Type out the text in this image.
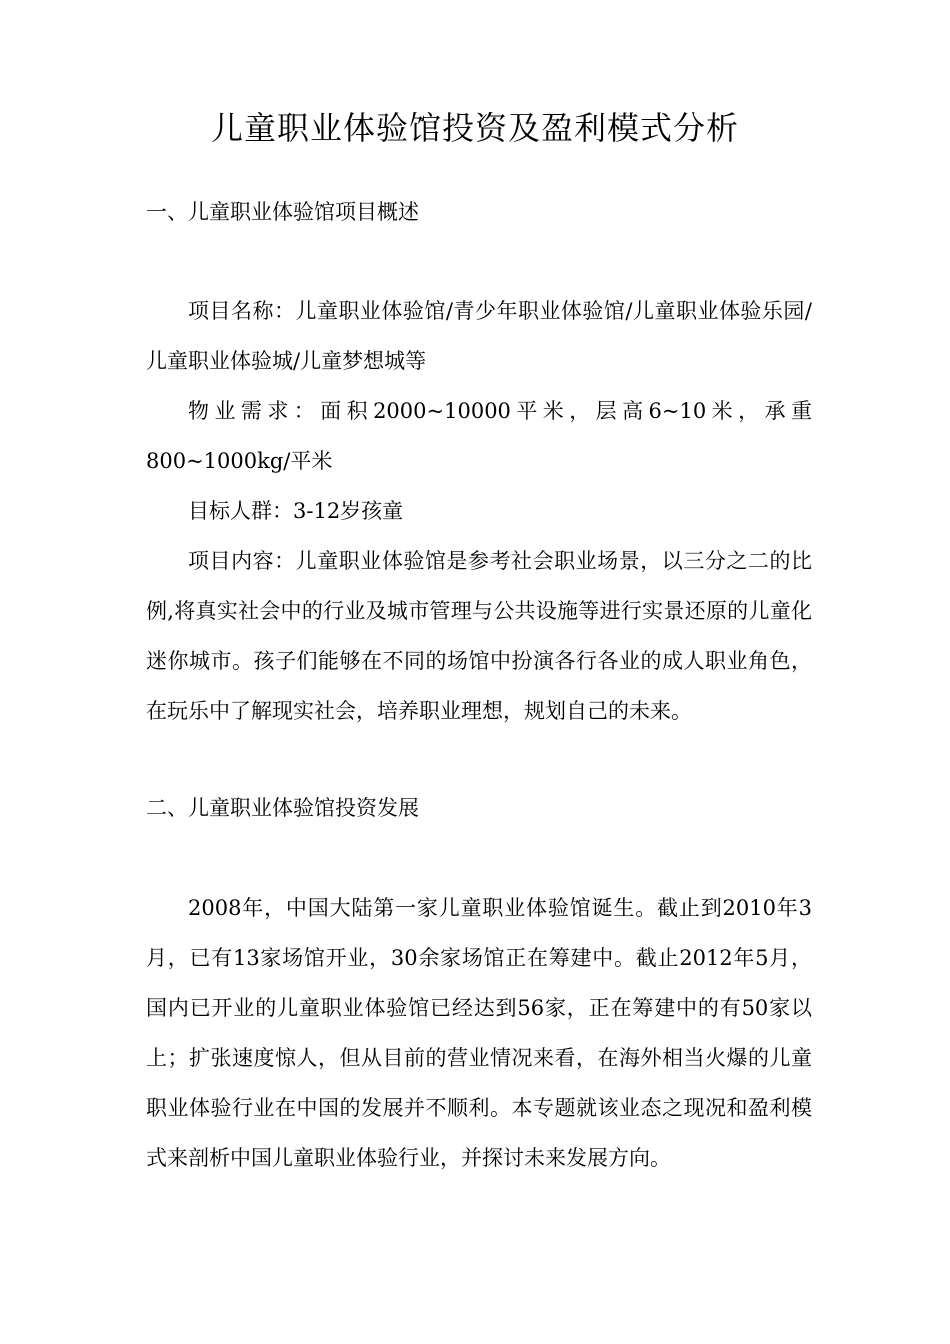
儿童职业体验馆投资及盈利模式分析
一、儿童职业体验馆项目概述

项目名称：儿童职业体验馆/青少年职业体验馆/儿童职业体验乐园/儿童职业体验城/儿童梦想城等

物业需求：面积2000~10000平米，层高6~10米，承重800~1000kg/平米

目标人群：3-12岁孩童

项目内容：儿童职业体验馆是参考社会职业场景，以三分之二的比例,将真实社会中的行业及城市管理与公共设施等进行实景还原的儿童化迷你城市。孩子们能够在不同的场馆中扮演各行各业的成人职业角色，在玩乐中了解现实社会，培养职业理想，规划自己的未来。

二、儿童职业体验馆投资发展

2008年，中国大陆第一家儿童职业体验馆诞生。截止到2010年3月，已有13家场馆开业，30余家场馆正在筹建中。截止2012年5月，国内已开业的儿童职业体验馆已经达到56家，正在筹建中的有50家以上；扩张速度惊人，但从目前的营业情况来看，在海外相当火爆的儿童职业体验行业在中国的发展并不顺利。本专题就该业态之现况和盈利模式来剖析中国儿童职业体验行业，并探讨未来发展方向。
